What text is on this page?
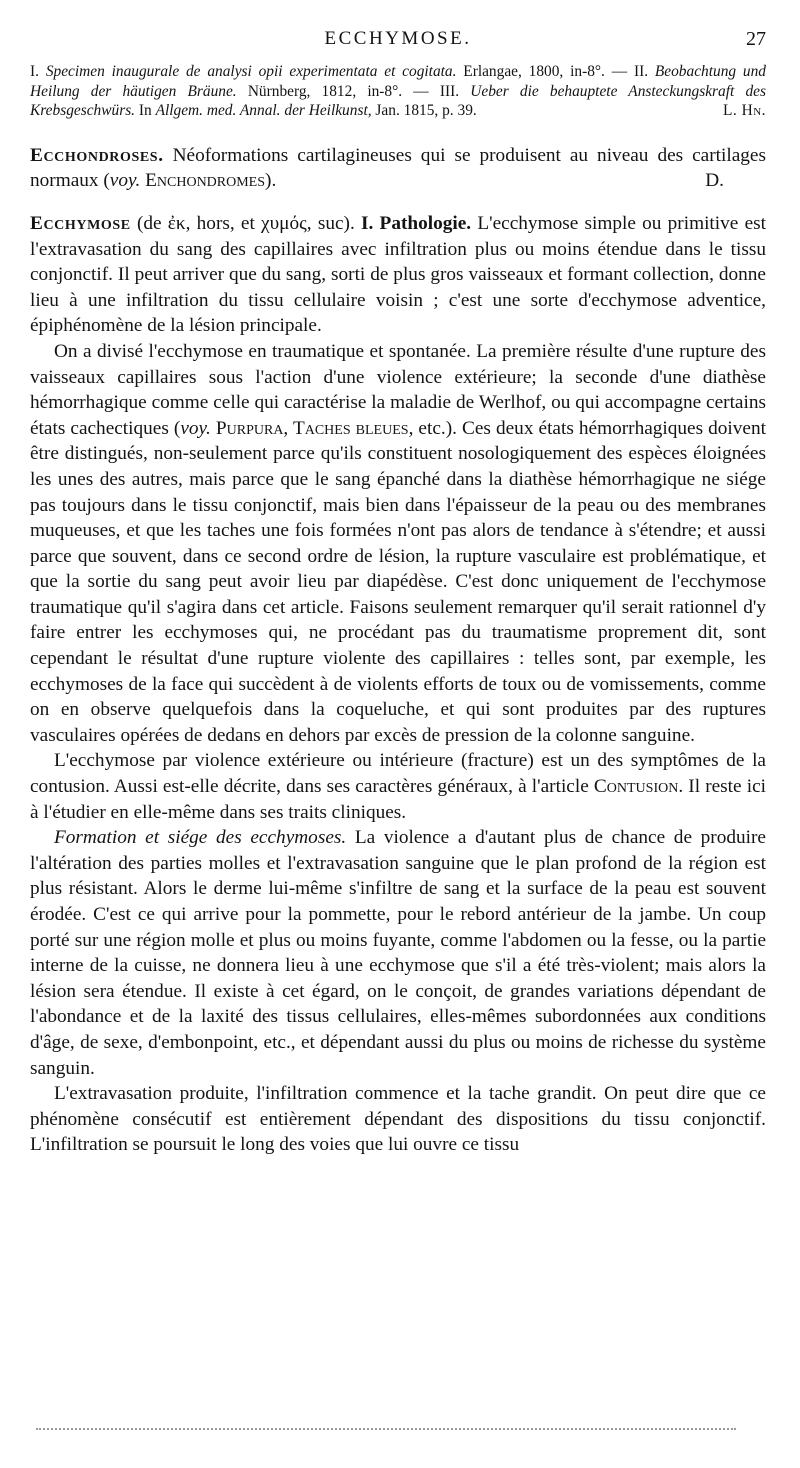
ECCHYMOSE.	27
I. Specimen inaugurale de analysi opii experimentata et cogitata. Erlangae, 1800, in-8°. — II. Beobachtung und Heilung der häutigen Bräune. Nürnberg, 1812, in-8°. — III. Ueber die behauptete Ansteckungskraft des Krebsgeschwürs. In Allgem. med. Annal. der Heilkunst, Jan. 1815, p. 39.	L. Hn.
Ecchondroses. Néoformations cartilagineuses qui se produisent au niveau des cartilages normaux (voy. Enchondromes).	D.
Ecchymose (de ἐκ, hors, et χυμός, suc). I. Pathologie. L'ecchymose simple ou primitive est l'extravasation du sang des capillaires avec infiltration plus ou moins étendue dans le tissu conjonctif. Il peut arriver que du sang, sorti de plus gros vaisseaux et formant collection, donne lieu à une infiltration du tissu cellulaire voisin ; c'est une sorte d'ecchymose adventice, épiphénomène de la lésion principale.
On a divisé l'ecchymose en traumatique et spontanée. La première résulte d'une rupture des vaisseaux capillaires sous l'action d'une violence extérieure; la seconde d'une diathèse hémorrhagique comme celle qui caractérise la maladie de Werlhof, ou qui accompagne certains états cachectiques (voy. Purpura, Taches bleues, etc.). Ces deux états hémorrhagiques doivent être distingués, non-seulement parce qu'ils constituent nosologiquement des espèces éloignées les unes des autres, mais parce que le sang épanché dans la diathèse hémorrhagique ne siége pas toujours dans le tissu conjonctif, mais bien dans l'épaisseur de la peau ou des membranes muqueuses, et que les taches une fois formées n'ont pas alors de tendance à s'étendre; et aussi parce que souvent, dans ce second ordre de lésion, la rupture vasculaire est problématique, et que la sortie du sang peut avoir lieu par diapédèse. C'est donc uniquement de l'ecchymose traumatique qu'il s'agira dans cet article. Faisons seulement remarquer qu'il serait rationnel d'y faire entrer les ecchymoses qui, ne procédant pas du traumatisme proprement dit, sont cependant le résultat d'une rupture violente des capillaires : telles sont, par exemple, les ecchymoses de la face qui succèdent à de violents efforts de toux ou de vomissements, comme on en observe quelquefois dans la coqueluche, et qui sont produites par des ruptures vasculaires opérées de dedans en dehors par excès de pression de la colonne sanguine.
L'ecchymose par violence extérieure ou intérieure (fracture) est un des symptômes de la contusion. Aussi est-elle décrite, dans ses caractères généraux, à l'article Contusion. Il reste ici à l'étudier en elle-même dans ses traits cliniques.
Formation et siége des ecchymoses. La violence a d'autant plus de chance de produire l'altération des parties molles et l'extravasation sanguine que le plan profond de la région est plus résistant. Alors le derme lui-même s'infiltre de sang et la surface de la peau est souvent érodée. C'est ce qui arrive pour la pommette, pour le rebord antérieur de la jambe. Un coup porté sur une région molle et plus ou moins fuyante, comme l'abdomen ou la fesse, ou la partie interne de la cuisse, ne donnera lieu à une ecchymose que s'il a été très-violent; mais alors la lésion sera étendue. Il existe à cet égard, on le conçoit, de grandes variations dépendant de l'abondance et de la laxité des tissus cellulaires, elles-mêmes subordonnées aux conditions d'âge, de sexe, d'embonpoint, etc., et dépendant aussi du plus ou moins de richesse du système sanguin.
L'extravasation produite, l'infiltration commence et la tache grandit. On peut dire que ce phénomène consécutif est entièrement dépendant des dispositions du tissu conjonctif. L'infiltration se poursuit le long des voies que lui ouvre ce tissu
